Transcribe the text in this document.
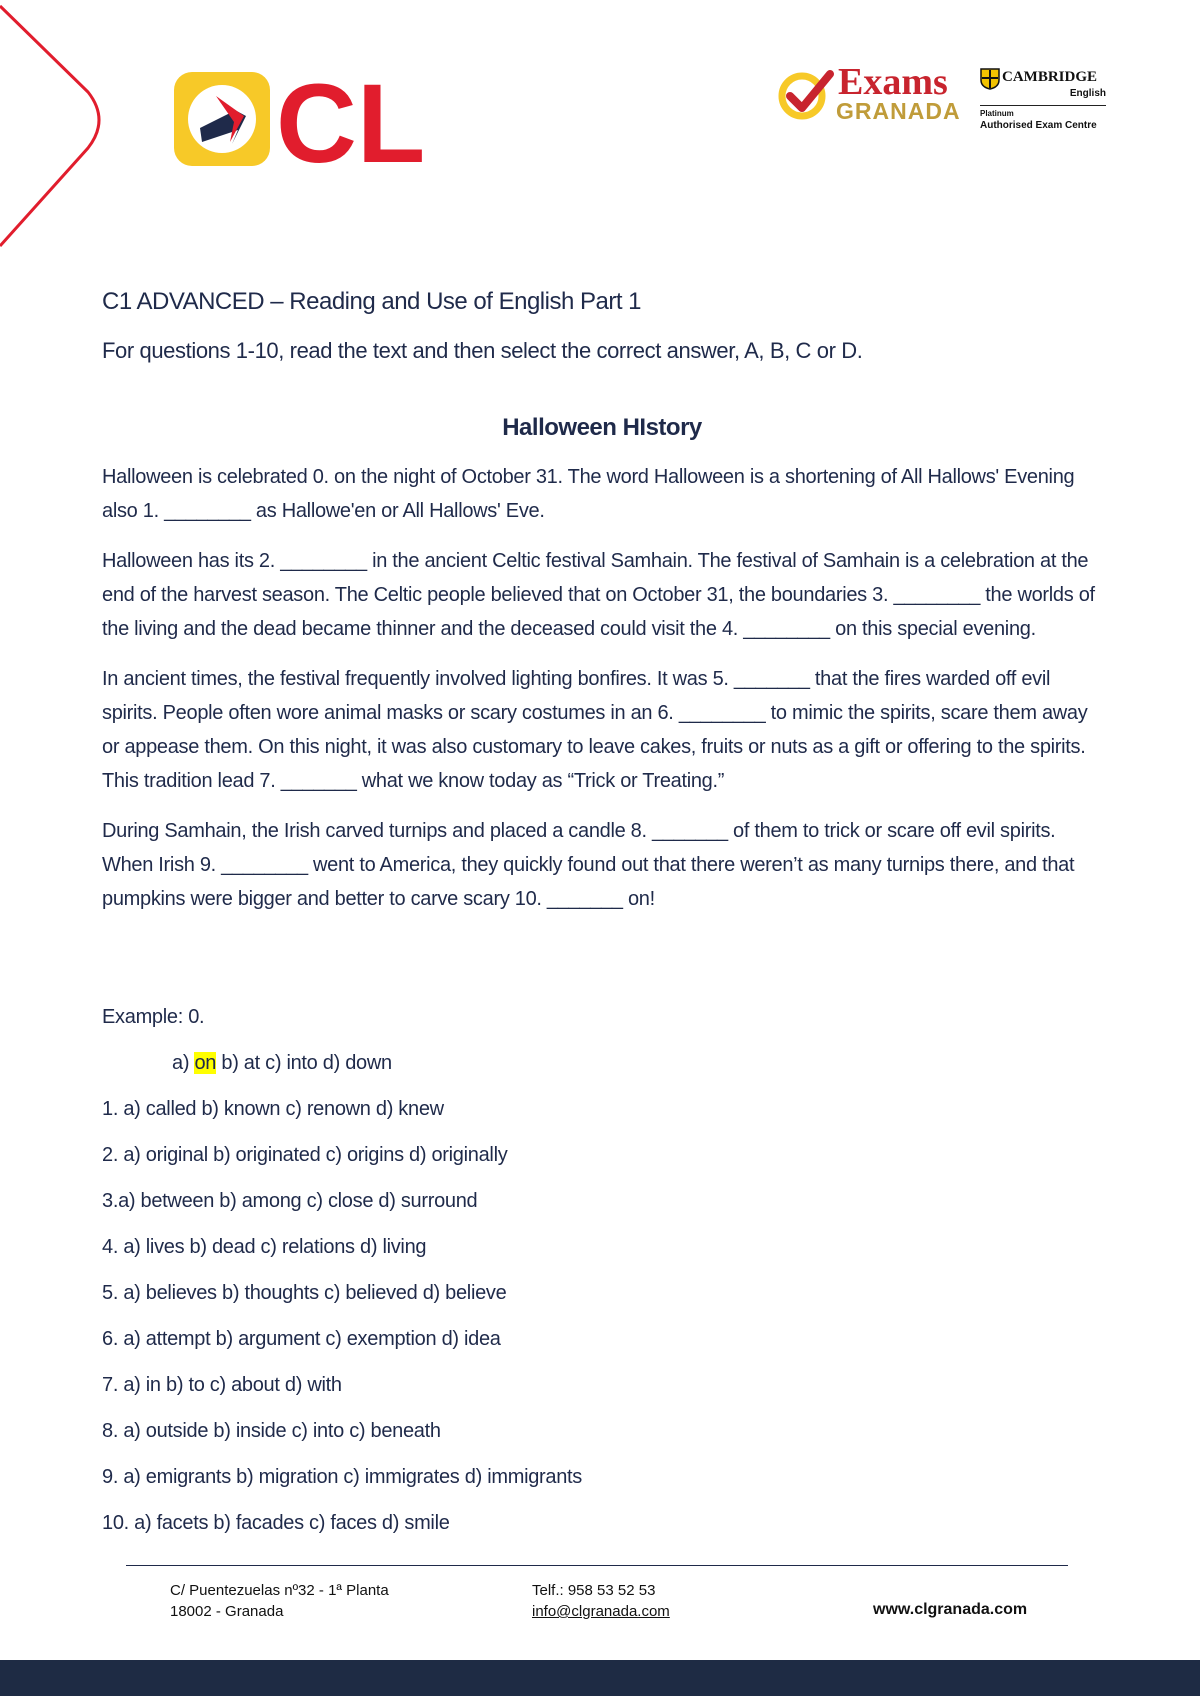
CL	Exams
GRANADA
CAMBRIDGE
English
Platinum
Authorised Exam Centre
C1 ADVANCED – Reading and Use of English Part 1

For questions 1-10, read the text and then select the correct answer, A, B, C or D.

Halloween HIstory

Halloween is celebrated 0. on the night of October 31. The word Halloween is a shortening of All Hallows' Evening also 1. ________ as Hallowe'en or All Hallows' Eve.

Halloween has its 2. ________ in the ancient Celtic festival Samhain. The festival of Samhain is a celebration at the end of the harvest season. The Celtic people believed that on October 31, the boundaries 3. ________ the worlds of the living and the dead became thinner and the deceased could visit the 4. ________ on this special evening.

In ancient times, the festival frequently involved lighting bonfires. It was 5. _______ that the fires warded off evil spirits. People often wore animal masks or scary costumes in an 6. ________ to mimic the spirits, scare them away or appease them. On this night, it was also customary to leave cakes, fruits or nuts as a gift or offering to the spirits. This tradition lead 7. _______ what we know today as “Trick or Treating.”

During Samhain, the Irish carved turnips and placed a candle 8. _______ of them to trick or scare off evil spirits. When Irish 9. ________ went to America, they quickly found out that there weren’t as many turnips there, and that pumpkins were bigger and better to carve scary 10. _______ on!

Example: 0.
a) on b) at c) into d) down
1. a) called b) known c) renown d) knew
2. a) original b) originated c) origins d) originally
3.a) between b) among c) close d) surround
4. a) lives b) dead c) relations d) living
5. a) believes b) thoughts c) believed d) believe
6. a) attempt b) argument c) exemption d) idea
7. a) in b) to c) about d) with
8. a) outside b) inside c) into c) beneath
9. a) emigrants b) migration c) immigrates d) immigrants
10. a) facets b) facades c) faces d) smile
C/ Puentezuelas nº32 - 1ª Planta
18002 - Granada
Telf.: 958 53 52 53
info@clgranada.com	www.clgranada.com
